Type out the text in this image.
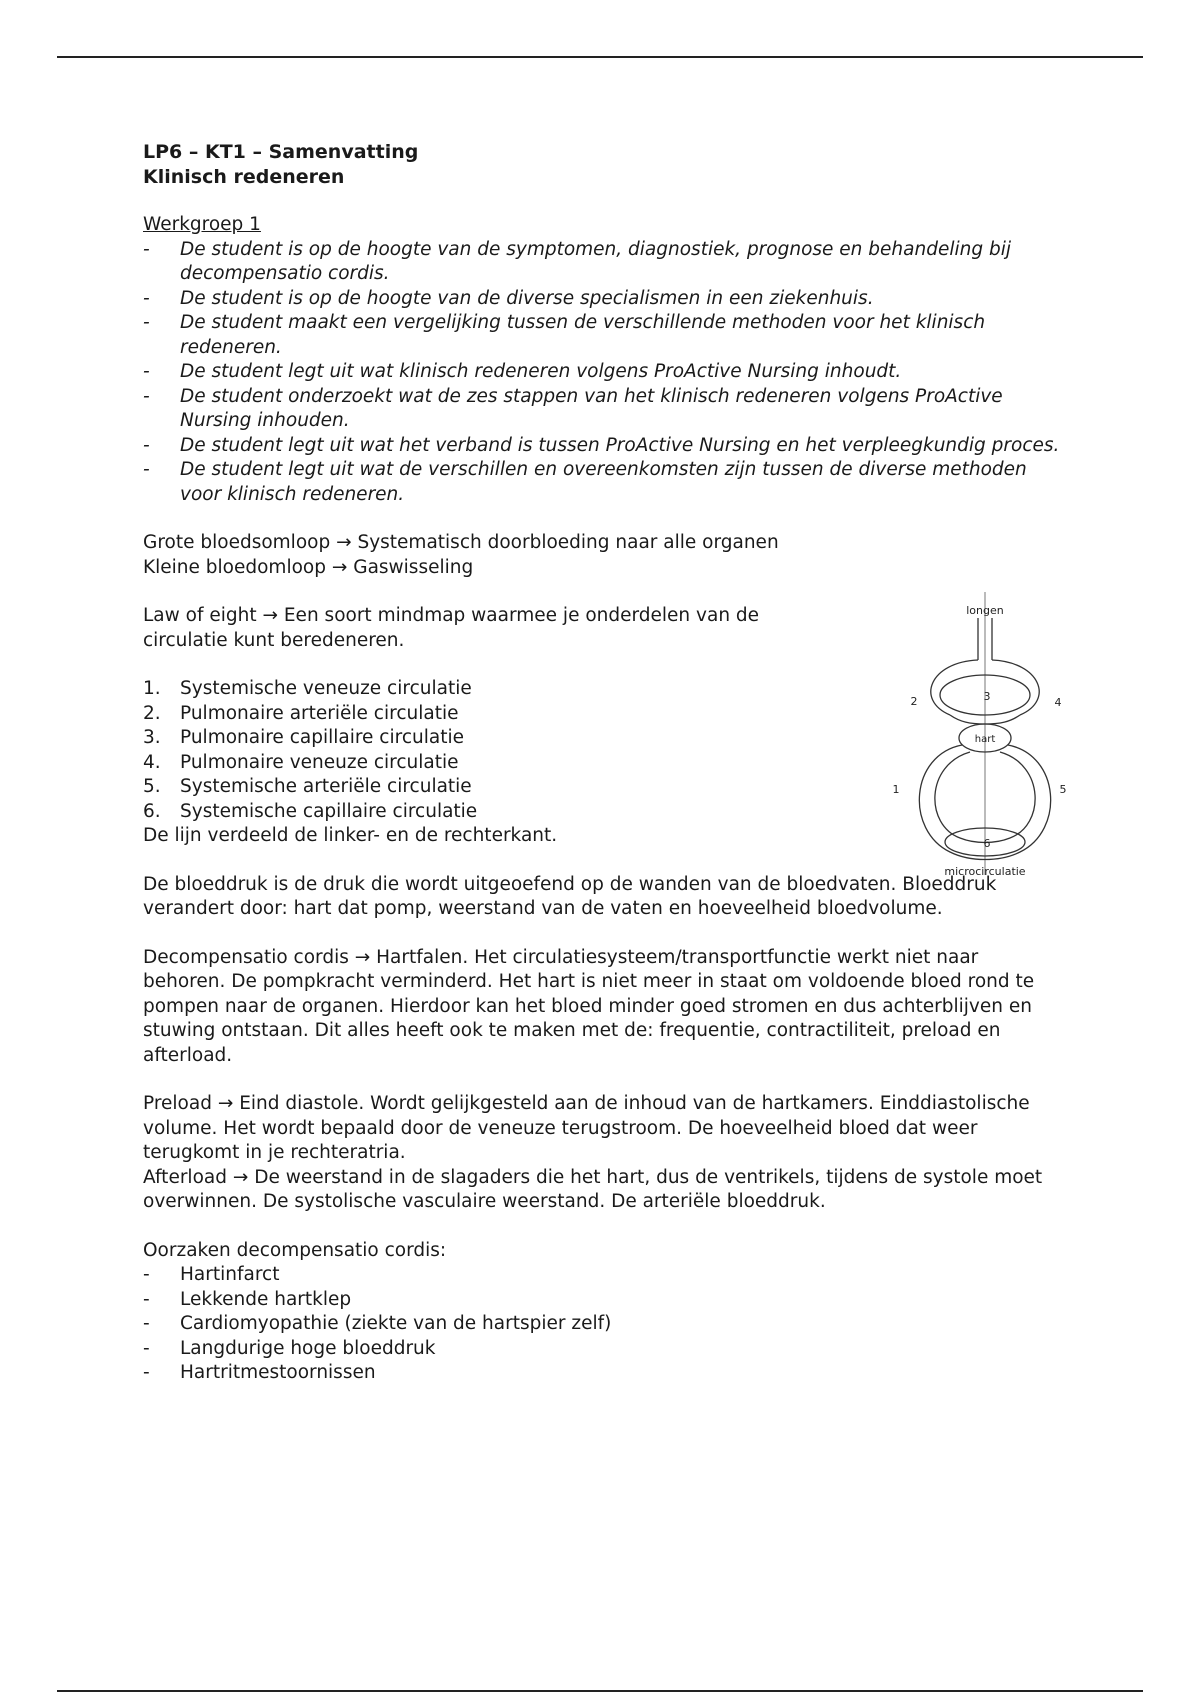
LP6 – KT1 – Samenvatting

Klinisch redeneren

Werkgroep 1

- De student is op de hoogte van de symptomen, diagnostiek, prognose en behandeling bij decompensatio cordis.
- De student is op de hoogte van de diverse specialismen in een ziekenhuis.
- De student maakt een vergelijking tussen de verschillende methoden voor het klinisch redeneren.
- De student legt uit wat klinisch redeneren volgens ProActive Nursing inhoudt.
- De student onderzoekt wat de zes stappen van het klinisch redeneren volgens ProActive Nursing inhouden.
- De student legt uit wat het verband is tussen ProActive Nursing en het verpleegkundig proces.
- De student legt uit wat de verschillen en overeenkomsten zijn tussen de diverse methoden voor klinisch redeneren.

Grote bloedsomloop → Systematisch doorbloeding naar alle organen

Kleine bloedomloop → Gaswisseling

Law of eight → Een soort mindmap waarmee je onderdelen van de circulatie kunt beredeneren.

1. Systemische veneuze circulatie
2. Pulmonaire arteriële circulatie
3. Pulmonaire capillaire circulatie
4. Pulmonaire veneuze circulatie
5. Systemische arteriële circulatie
6. Systemische capillaire circulatie

De lijn verdeeld de linker- en de rechterkant.

De bloeddruk is de druk die wordt uitgeoefend op de wanden van de bloedvaten. Bloeddruk verandert door: hart dat pomp, weerstand van de vaten en hoeveelheid bloedvolume.

Decompensatio cordis → Hartfalen. Het circulatiesysteem/transportfunctie werkt niet naar behoren. De pompkracht verminderd. Het hart is niet meer in staat om voldoende bloed rond te pompen naar de organen. Hierdoor kan het bloed minder goed stromen en dus achterblijven en stuwing ontstaan. Dit alles heeft ook te maken met de: frequentie, contractiliteit, preload en afterload.

Preload → Eind diastole. Wordt gelijkgesteld aan de inhoud van de hartkamers. Einddiastolische volume. Het wordt bepaald door de veneuze terugstroom. De hoeveelheid bloed dat weer terugkomt in je rechteratria.

Afterload → De weerstand in de slagaders die het hart, dus de ventrikels, tijdens de systole moet overwinnen. De systolische vasculaire weerstand. De arteriële bloeddruk.

Oorzaken decompensatio cordis:

- Hartinfarct
- Lekkende hartklep
- Cardiomyopathie (ziekte van de hartspier zelf)
- Langdurige hoge bloeddruk
- Hartritmestoornissen
longen
hart
microcirculatie
1
2	3	4
5
6
